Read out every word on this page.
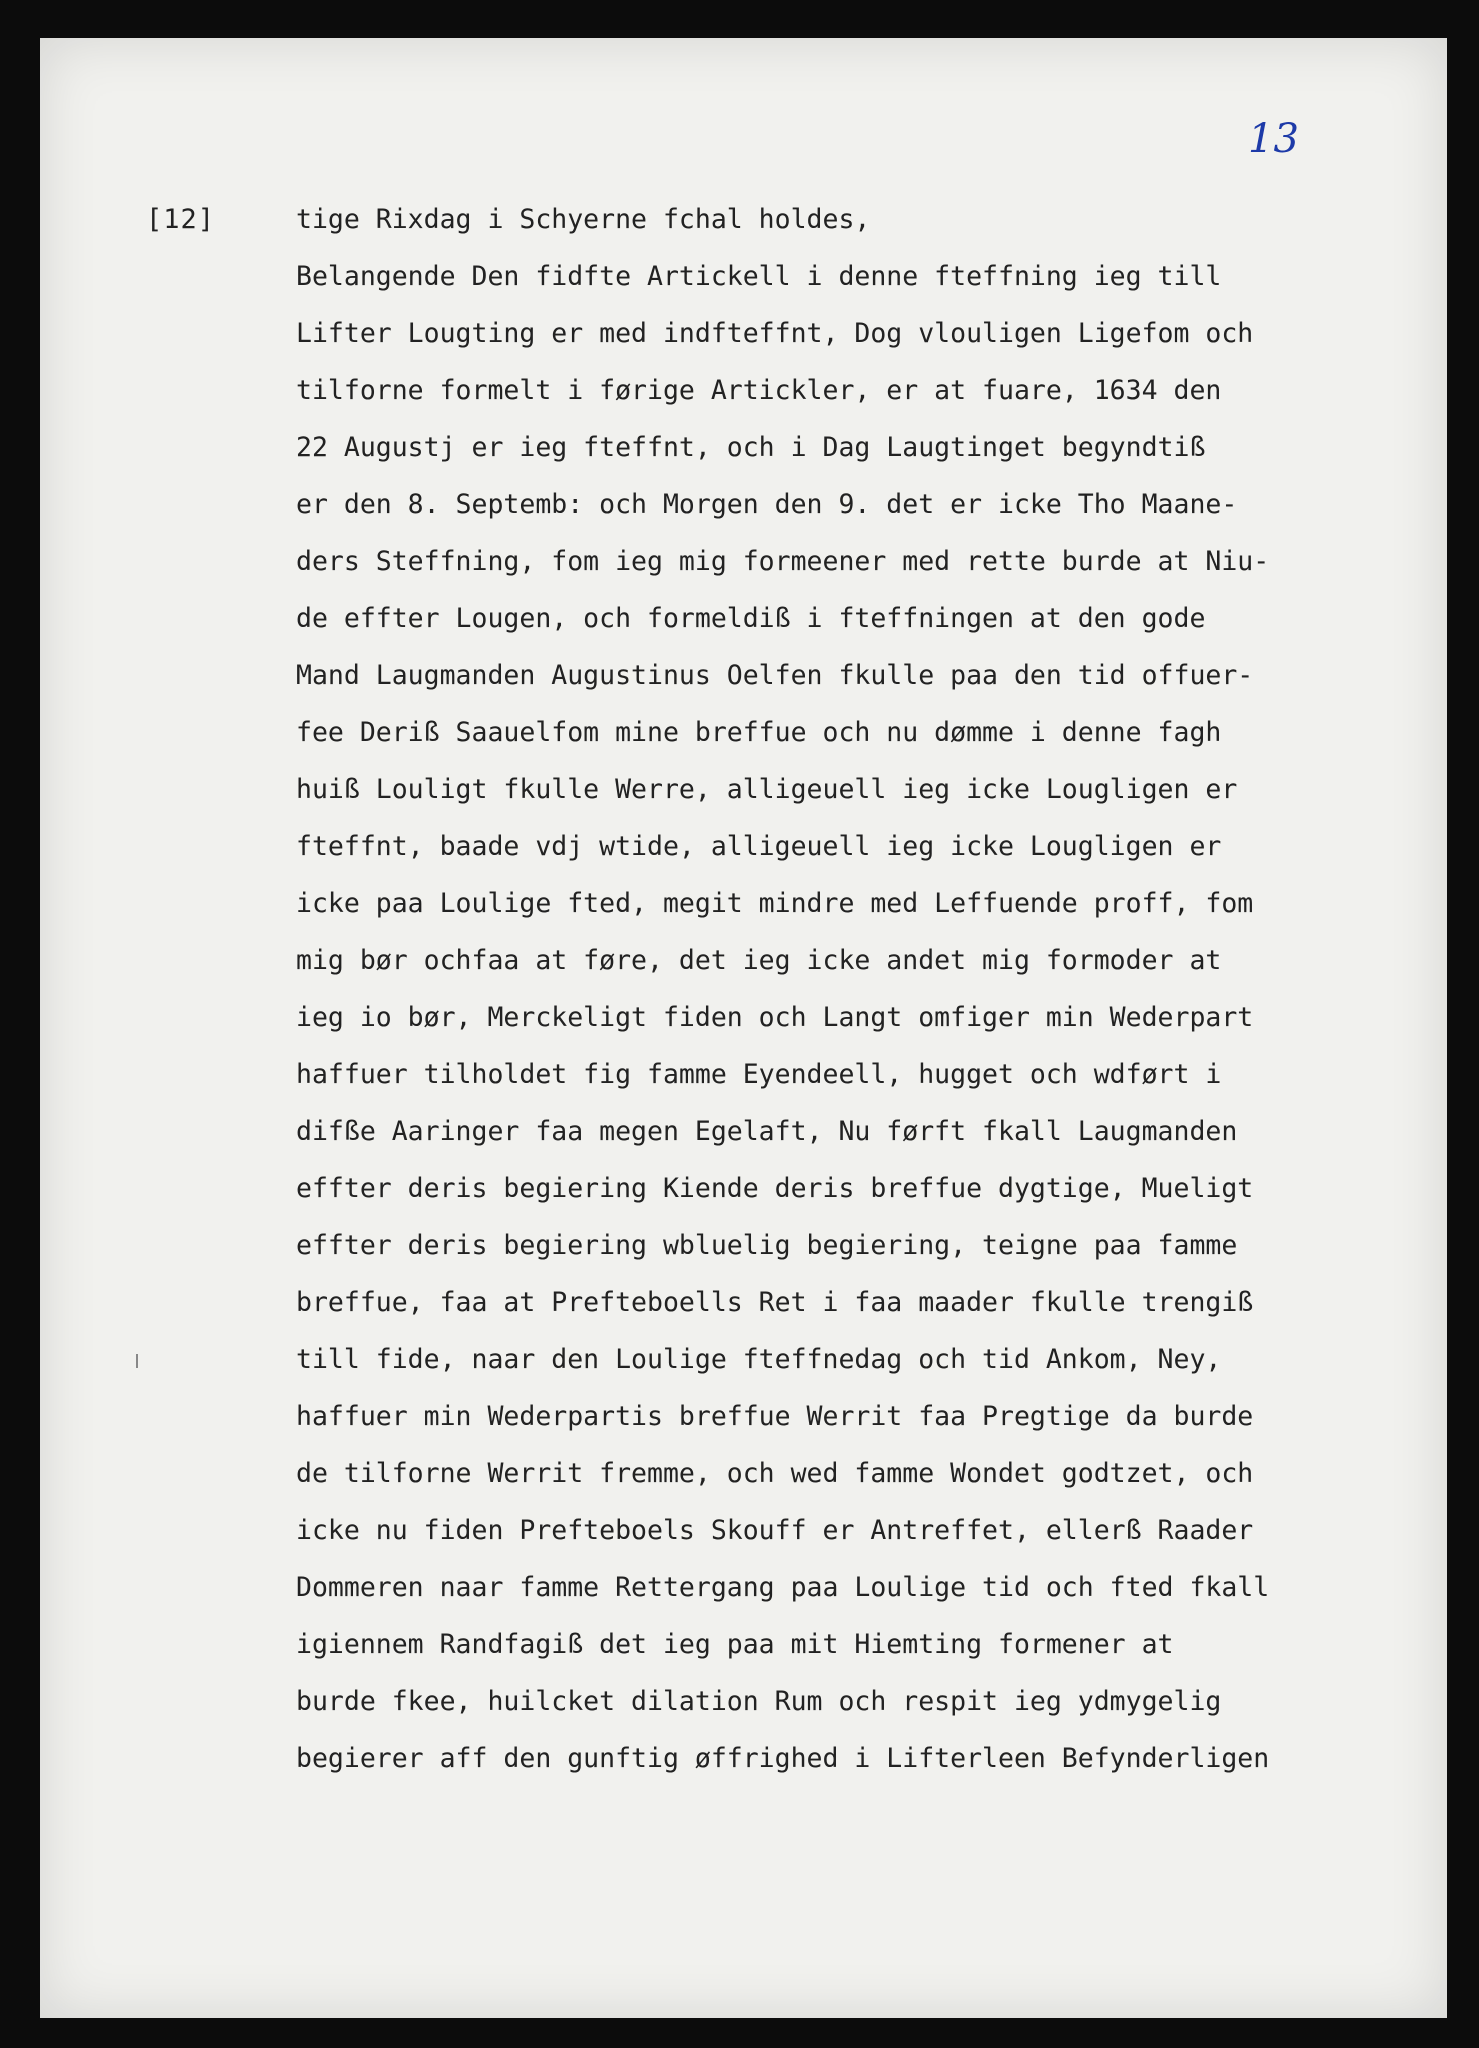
13
[12]	tige Rixdag i Schyerne fchal holdes,
Belangende Den fidfte Artickell i denne fteffning ieg till
Lifter Lougting er med indfteffnt, Dog vlouligen Ligefom och
tilforne formelt i førige Artickler, er at fuare, 1634 den
22 Augustj er ieg fteffnt, och i Dag Laugtinget begyndtiß
er den 8. Septemb: och Morgen den 9. det er icke Tho Maane-
ders Steffning, fom ieg mig formeener med rette burde at Niu-
de effter Lougen, och formeldiß i fteffningen at den gode
Mand Laugmanden Augustinus Oelfen fkulle paa den tid offuer-
fee Deriß Saauelfom mine breffue och nu dømme i denne fagh
huiß Louligt fkulle Werre, alligeuell ieg icke Lougligen er
fteffnt, baade vdj wtide, alligeuell ieg icke Lougligen er
icke paa Loulige fted, megit mindre med Leffuende proff, fom
mig bør ochfaa at føre, det ieg icke andet mig formoder at
ieg io bør, Merckeligt fiden och Langt omfiger min Wederpart
haffuer tilholdet fig famme Eyendeell, hugget och wdført i
difße Aaringer faa megen Egelaft, Nu førft fkall Laugmanden
effter deris begiering Kiende deris breffue dygtige, Mueligt
effter deris begiering wbluelig begiering, teigne paa famme
breffue, faa at Prefteboells Ret i faa maader fkulle trengiß
till fide, naar den Loulige fteffnedag och tid Ankom, Ney,
haffuer min Wederpartis breffue Werrit faa Pregtige da burde
de tilforne Werrit fremme, och wed famme Wondet godtzet, och
icke nu fiden Prefteboels Skouff er Antreffet, ellerß Raader
Dommeren naar famme Rettergang paa Loulige tid och fted fkall
igiennem Randfagiß det ieg paa mit Hiemting formener at
burde fkee, huilcket dilation Rum och respit ieg ydmygelig
begierer aff den gunftig øffrighed i Lifterleen Befynderligen
